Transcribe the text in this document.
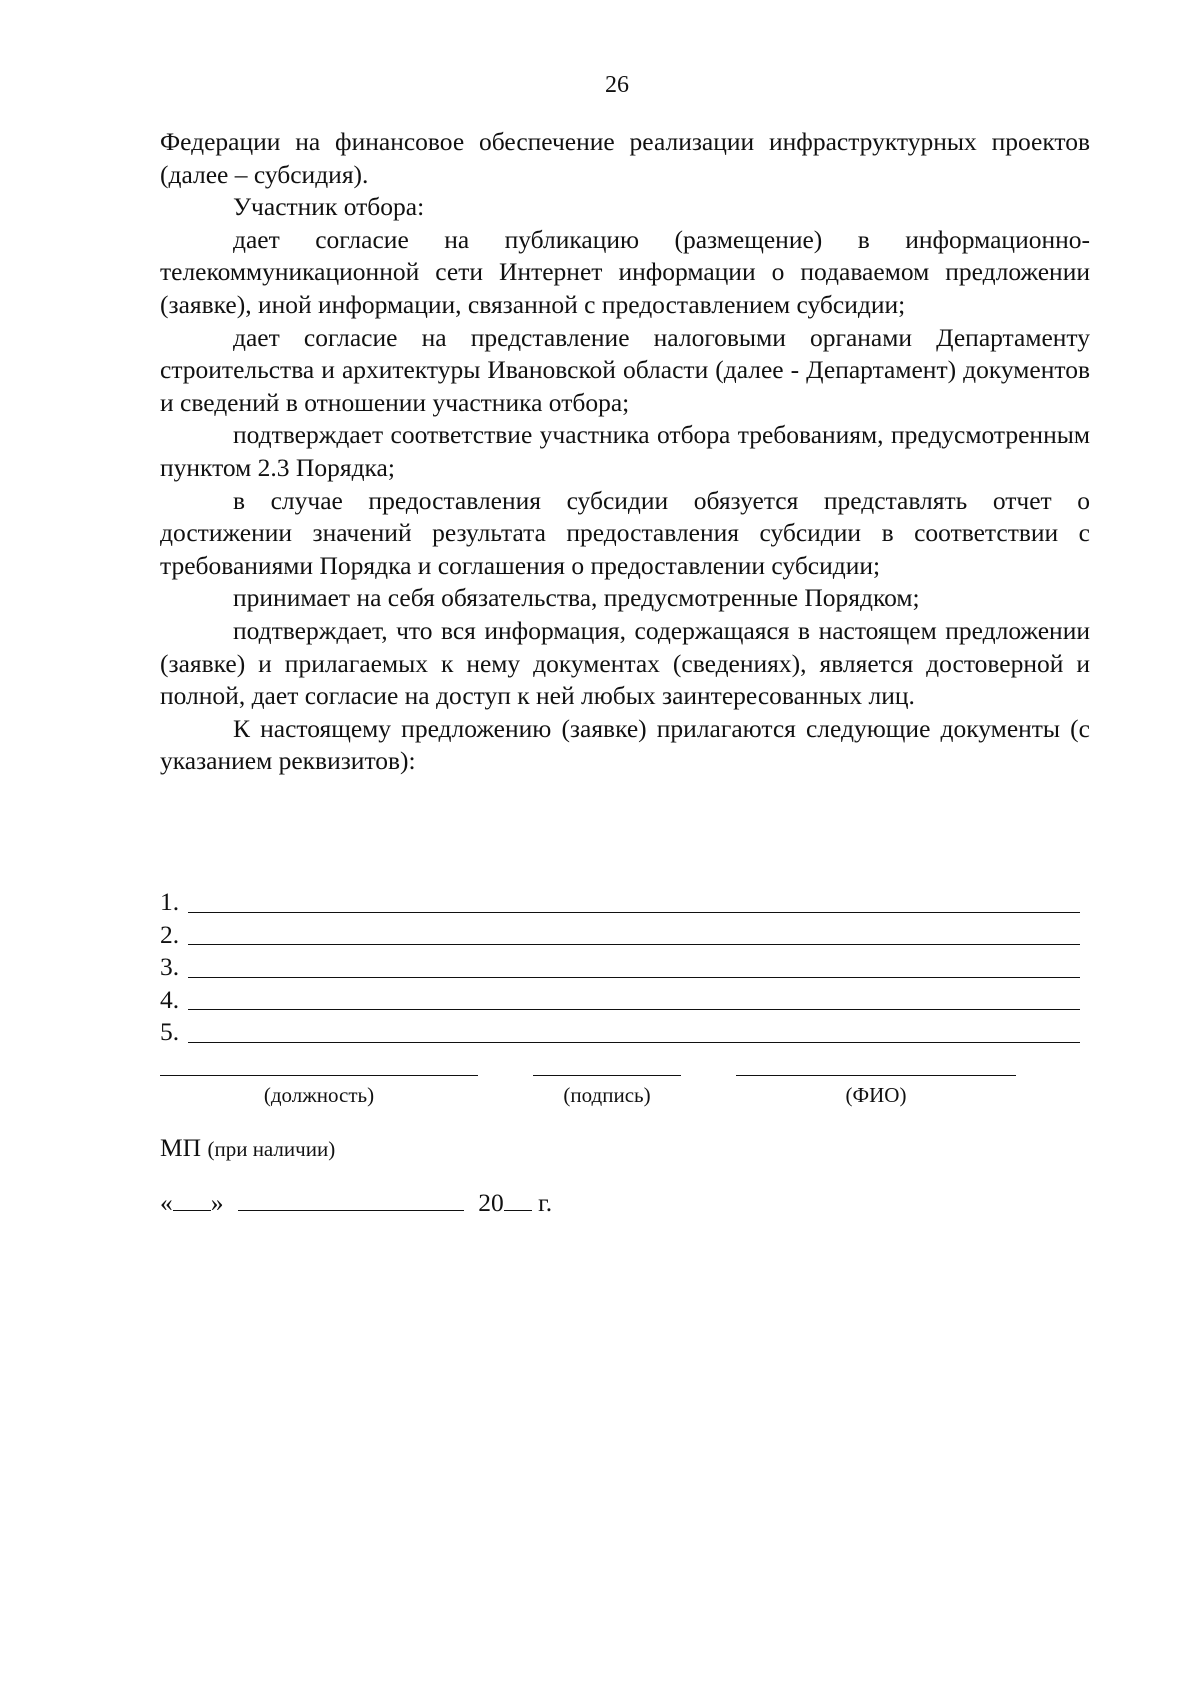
26

Федерации на финансовое обеспечение реализации инфраструктурных проектов (далее – субсидия).

Участник отбора:

дает согласие на публикацию (размещение) в информационно-телекоммуникационной сети Интернет информации о подаваемом предложении (заявке), иной информации, связанной с предоставлением субсидии;

дает согласие на представление налоговыми органами Департаменту строительства и архитектуры Ивановской области (далее - Департамент) документов и сведений в отношении участника отбора;

подтверждает соответствие участника отбора требованиям, предусмотренным пунктом 2.3 Порядка;

в случае предоставления субсидии обязуется представлять отчет о достижении значений результата предоставления субсидии в соответствии с требованиями Порядка и соглашения о предоставлении субсидии;

принимает на себя обязательства, предусмотренные Порядком;

подтверждает, что вся информация, содержащаяся в настоящем предложении (заявке) и прилагаемых к нему документах (сведениях), является достоверной и полной, дает согласие на доступ к ней любых заинтересованных лиц.

К настоящему предложению (заявке) прилагаются следующие документы (с указанием реквизитов):

1.
2.
3.
4.
5.
(должность)	(подпись)	(ФИО)
МП (при наличии)
« »	20 г.
